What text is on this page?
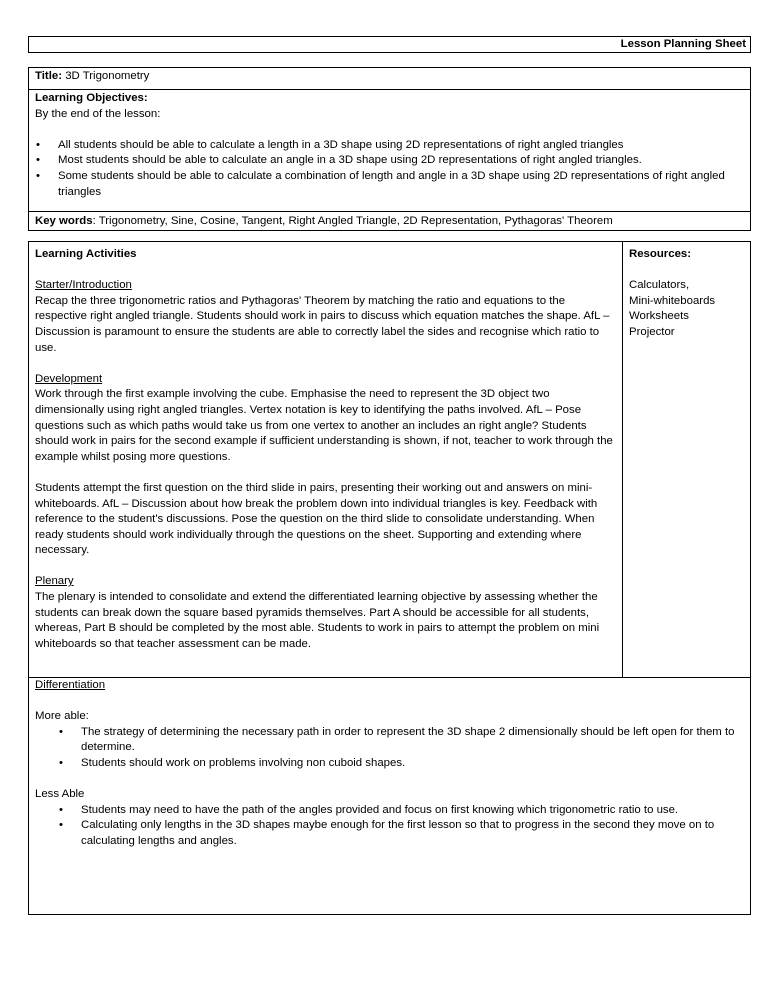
Lesson Planning Sheet
Title: 3D Trigonometry

Learning Objectives:

By the end of the lesson:

• All students should be able to calculate a length in a 3D shape using 2D representations of right angled triangles
• Most students should be able to calculate an angle in a 3D shape using 2D representations of right angled triangles.
• Some students should be able to calculate a combination of length and angle in a 3D shape using 2D representations of right angled triangles
Key words: Trigonometry, Sine, Cosine, Tangent, Right Angled Triangle, 2D Representation, Pythagoras' Theorem

Learning Activities

Starter/Introduction

Recap the three trigonometric ratios and Pythagoras' Theorem by matching the ratio and equations to the respective right angled triangle. Students should work in pairs to discuss which equation matches the shape. AfL – Discussion is paramount to ensure the students are able to correctly label the sides and recognise which ratio to use.

Development

Work through the first example involving the cube. Emphasise the need to represent the 3D object two dimensionally using right angled triangles. Vertex notation is key to identifying the paths involved. AfL – Pose questions such as which paths would take us from one vertex to another an includes an right angle? Students should work in pairs for the second example if sufficient understanding is shown, if not, teacher to work through the example whilst posing more questions.

Students attempt the first question on the third slide in pairs, presenting their working out and answers on mini-whiteboards. AfL – Discussion about how break the problem down into individual triangles is key. Feedback with reference to the student's discussions. Pose the question on the third slide to consolidate understanding. When ready students should work individually through the questions on the sheet. Supporting and extending where necessary.

Plenary

The plenary is intended to consolidate and extend the differentiated learning objective by assessing whether the students can break down the square based pyramids themselves. Part A should be accessible for all students, whereas, Part B should be completed by the most able. Students to work in pairs to attempt the problem on mini whiteboards so that teacher assessment can be made.

Resources:

Calculators,

Mini-whiteboards

Worksheets

Projector

Differentiation

More able:

• The strategy of determining the necessary path in order to represent the 3D shape 2 dimensionally should be left open for them to determine.
• Students should work on problems involving non cuboid shapes.

Less Able

• Students may need to have the path of the angles provided and focus on first knowing which trigonometric ratio to use.
• Calculating only lengths in the 3D shapes maybe enough for the first lesson so that to progress in the second they move on to calculating lengths and angles.
